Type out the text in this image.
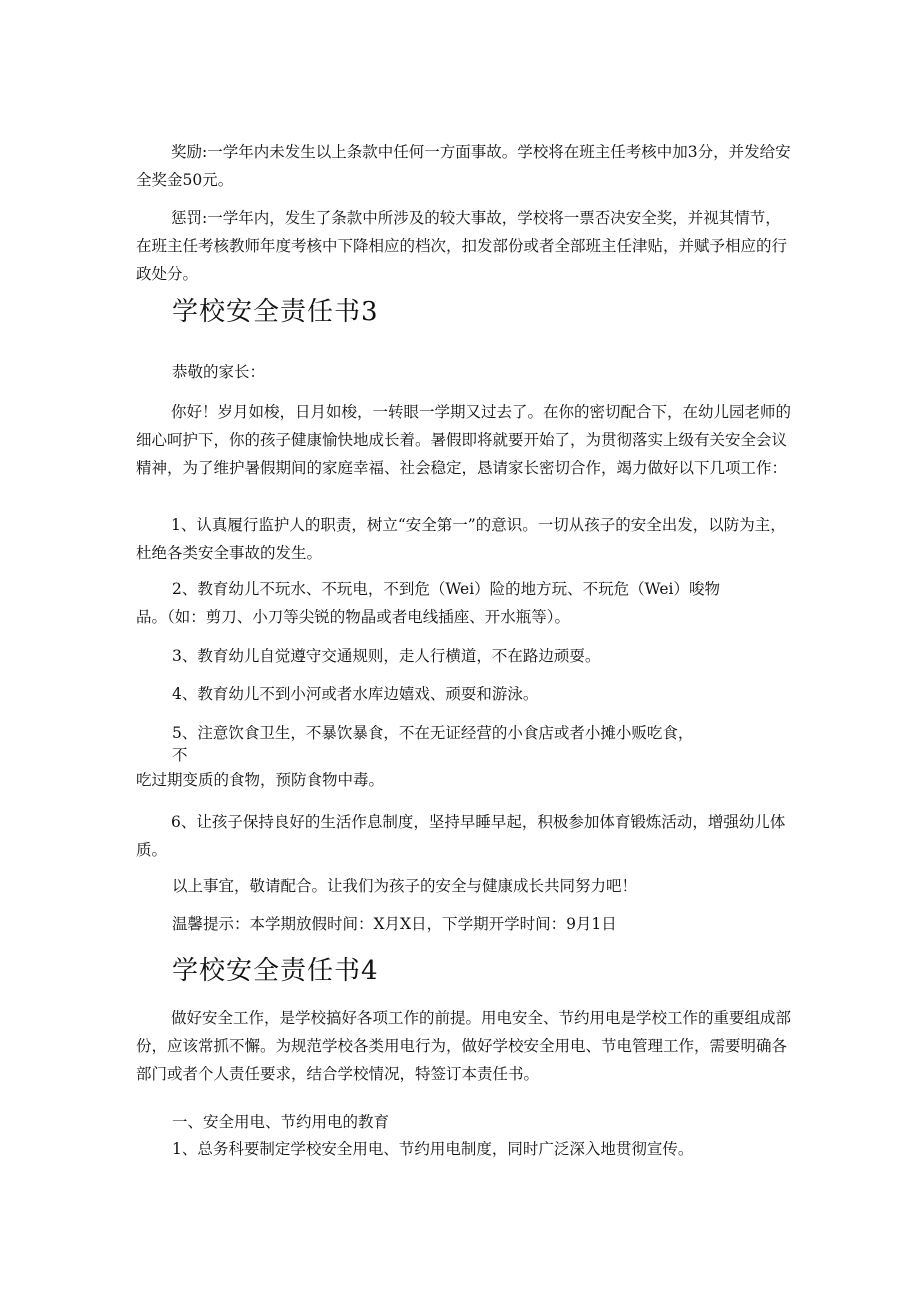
奖励:一学年内未发生以上条款中任何一方面事故。学校将在班主任考核中加3分，并发给安全奖金50元。

惩罚:一学年内，发生了条款中所涉及的较大事故，学校将一票否决安全奖，并视其情节，在班主任考核教师年度考核中下降相应的档次，扣发部份或者全部班主任津贴，并赋予相应的行政处分。

学校安全责任书3

恭敬的家长：

你好！岁月如梭，日月如梭，一转眼一学期又过去了。在你的密切配合下，在幼儿园老师的细心呵护下，你的孩子健康愉快地成长着。暑假即将就要开始了，为贯彻落实上级有关安全会议精神，为了维护暑假期间的家庭幸福、社会稳定，恳请家长密切合作，竭力做好以下几项工作：

1、认真履行监护人的职责，树立“安全第一”的意识。一切从孩子的安全出发，以防为主，杜绝各类安全事故的发生。

2、教育幼儿不玩水、不玩电，不到危（Wei）险的地方玩、不玩危（Wei）唆物

品。（如：剪刀、小刀等尖锐的物晶或者电线插座、开水瓶等）。

3、教育幼儿自觉遵守交通规则，走人行横道，不在路边顽耍。

4、教育幼儿不到小河或者水库边嬉戏、顽耍和游泳。

5、注意饮食卫生，不暴饮暴食，不在无证经营的小食店或者小摊小贩吃食，

不

吃过期变质的食物，预防食物中毒。

6、让孩子保持良好的生活作息制度，坚持早睡早起，积极参加体育锻炼活动，增强幼儿体质。

以上事宜，敬请配合。让我们为孩子的安全与健康成长共同努力吧！

温馨提示：本学期放假时间：X月X日，下学期开学时间：9月1日

学校安全责任书4

做好安全工作，是学校搞好各项工作的前提。用电安全、节约用电是学校工作的重要组成部份，应该常抓不懈。为规范学校各类用电行为，做好学校安全用电、节电管理工作，需要明确各部门或者个人责任要求，结合学校情况，特签订本责任书。

一、安全用电、节约用电的教育

1、总务科要制定学校安全用电、节约用电制度，同时广泛深入地贯彻宣传。
